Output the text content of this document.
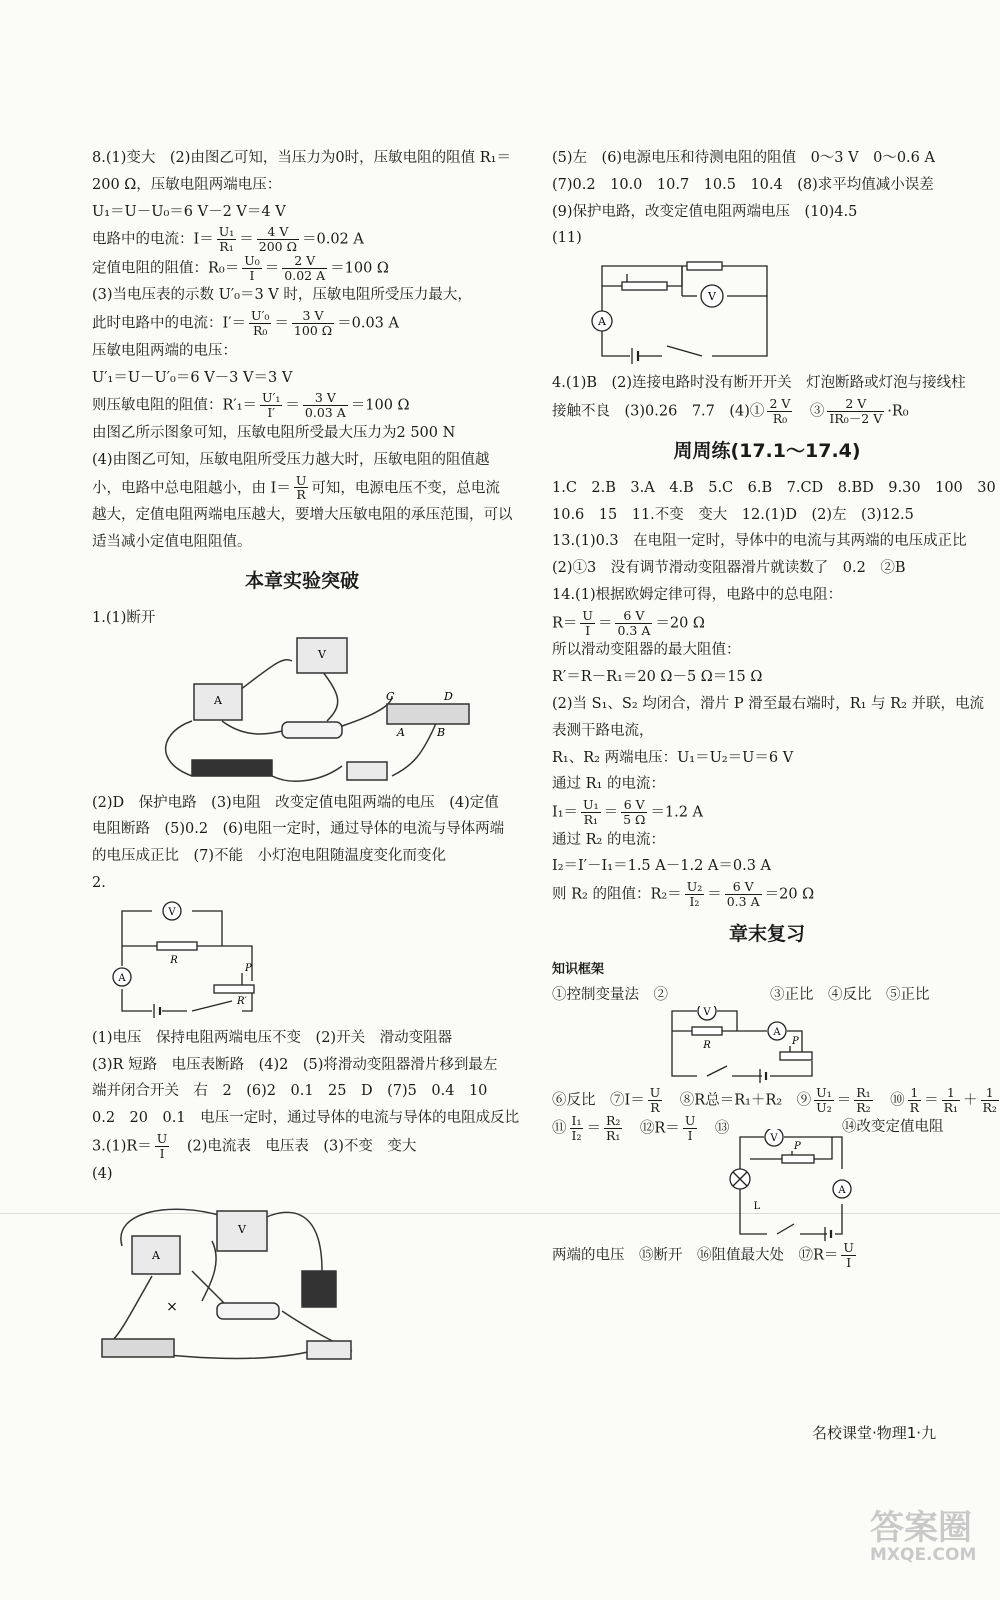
8.(1)变大　(2)由图乙可知，当压力为0时，压敏电阻的阻值 R₁＝
200 Ω，压敏电阻两端电压：
U₁＝U－U₀＝6 V－2 V＝4 V
电路中的电流：$I= \frac{\text{U₁}}{\text{R₁}} = \frac{4 V}{200 \Omega} =0.02$ A
定值电阻的阻值：$R_0= \frac{\text{U₀}}{I} = \frac{2 V}{0.02 A} =100$ Ω
(3)当电压表的示数 U′₀＝3 V 时，压敏电阻所受压力最大，
此时电路中的电流：$I'= \frac{\text{U′₀}}{\text{R₀}} = \frac{3 V}{100 \Omega} =0.03$ A
压敏电阻两端的电压：
U′₁＝U－U′₀＝6 V－3 V＝3 V
则压敏电阻的阻值：$R'_1= \frac{\text{U′₁}}{I'} = \frac{3 V}{0.03 A} =100$ Ω
由图乙所示图象可知，压敏电阻所受最大压力为2 500 N
(4)由图乙可知，压敏电阻所受压力越大时，压敏电阻的阻值越
小，电路中总电阻越小，由 $I= \frac{U}{R}$ 可知，电源电压不变，总电流
越大，定值电阻两端电压越大，要增大压敏电阻的承压范围，可以
适当减小定值电阻阻值。
本章实验突破
1.(1)断开
V
A	C	D
A	B
(2)D　保护电路　(3)电阻　改变定值电阻两端的电压　(4)定值
电阻断路　(5)0.2　(6)电阻一定时，通过导体的电流与导体两端
的电压成正比　(7)不能　小灯泡电阻随温度变化而变化
2.
V
A
R
P
R′
(1)电压　保持电阻两端电压不变　(2)开关　滑动变阻器
(3)R 短路　电压表断路　(4)2　(5)将滑动变阻器滑片移到最左
端并闭合开关　右　2　(6)2　0.1　25　D　(7)5　0.4　10
0.2　20　0.1　电压一定时，通过导体的电流与导体的电阻成反比
$3.(1)R= \frac{U}{I}$ 　(2)电流表　电压表　(3)不变　变大
(4)
A
V
×
(5)左　(6)电源电压和待测电阻的阻值　0～3 V　0～0.6 A
(7)0.2　10.0　10.7　10.5　10.4　(8)求平均值减小误差
(9)保护电路，改变定值电阻两端电压　(10)4.5
(11)
V
A
4.(1)B　(2)连接电路时没有断开开关　灯泡断路或灯泡与接线柱
接触不良　(3)0.26　7.7　(4)① $\frac{2 V}{\text{R₀}}$ 　③ $\frac{2 V}{\text{IR₀－2 V}} \cdot R_0$
周周练(17.1～17.4)
1.C　2.B　3.A　4.B　5.C　6.B　7.CD　8.BD　9.30　100　30
10.6　15　11.不变　变大　12.(1)D　(2)左　(3)12.5
13.(1)0.3　在电阻一定时，导体中的电流与其两端的电压成正比
(2)①3　没有调节滑动变阻器滑片就读数了　0.2　②B
14.(1)根据欧姆定律可得，电路中的总电阻：
$R= \frac{U}{I} = \frac{6 V}{0.3 A} =20$ Ω
所以滑动变阻器的最大阻值：
R′＝R－R₁＝20 Ω－5 Ω＝15 Ω
(2)当 S₁、S₂ 均闭合，滑片 P 滑至最右端时，R₁ 与 R₂ 并联，电流
表测干路电流，
R₁、R₂ 两端电压：U₁＝U₂＝U＝6 V
通过 R₁ 的电流：
$I_1= \frac{\text{U₁}}{\text{R₁}} = \frac{6 V}{5 \Omega} =1.2$ A
通过 R₂ 的电流：
I₂＝I′－I₁＝1.5 A－1.2 A＝0.3 A
则 R₂ 的阻值：$R_2= \frac{\text{U₂}}{\text{I₂}} = \frac{6 V}{0.3 A} =20$ Ω
章末复习
知识框架
①控制变量法　②	③正比　④反比　⑤正比
V
A
R	P
⑥反比　⑦I＝ $\frac{U}{R}$ 　⑧R总＝R₁＋R₂　⑨ $\frac{\text{U₁}}{\text{U₂}} = \frac{\text{R₁}}{\text{R₂}}$ 　⑩ $\frac{1}{R} = \frac{1}{\text{R₁}} + \frac{1}{\text{R₂}}$
⑪ $\frac{\text{I₁}}{\text{I₂}} = \frac{\text{R₂}}{\text{R₁}}$ 　⑫R＝ $\frac{U}{I}$ 　⑬	⑭改变定值电阻
V
A
L
P
两端的电压　⑮断开　⑯阻值最大处　⑰R＝ $\frac{U}{I}$
名校课堂·物理1·九
答案圈
MXQE.COM
